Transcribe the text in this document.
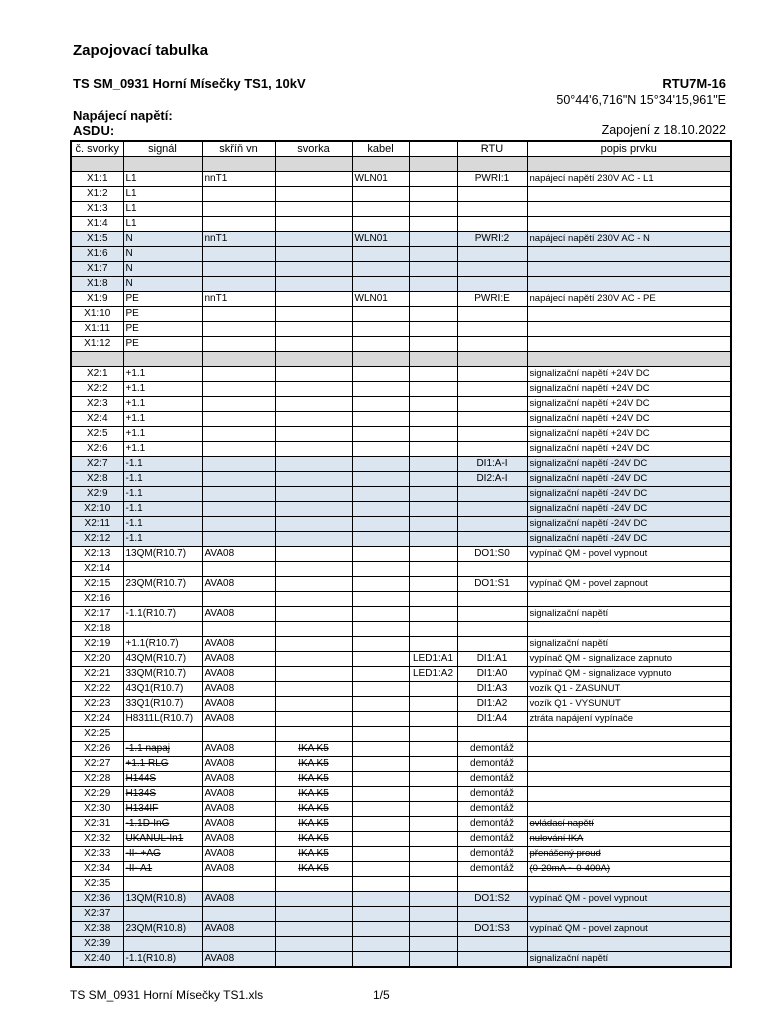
Zapojovací tabulka
TS SM_0931 Horní Mísečky TS1, 10kV	RTU7M-16
50°44'6,716"N 15°34'15,961"E
Napájecí napětí:
ASDU:	Zapojení z 18.10.2022
č. svorky	signál	skříň vn	svorka	kabel		RTU	popis prvku

X1:1	L1	nnT1		WLN01		PWRI:1	napájecí napětí 230V AC - L1
X1:2	L1						
X1:3	L1						
X1:4	L1						
X1:5	N	nnT1		WLN01		PWRI:2	napájecí napětí 230V AC - N
X1:6	N						
X1:7	N						
X1:8	N						
X1:9	PE	nnT1		WLN01		PWRI:E	napájecí napětí 230V AC - PE
X1:10	PE						
X1:11	PE						
X1:12	PE						

X2:1	+1.1						signalizační napětí +24V DC
X2:2	+1.1						signalizační napětí +24V DC
X2:3	+1.1						signalizační napětí +24V DC
X2:4	+1.1						signalizační napětí +24V DC
X2:5	+1.1						signalizační napětí +24V DC
X2:6	+1.1						signalizační napětí +24V DC
X2:7	-1.1					DI1:A-I	signalizační napětí -24V DC
X2:8	-1.1					DI2:A-I	signalizační napětí -24V DC
X2:9	-1.1						signalizační napětí -24V DC
X2:10	-1.1						signalizační napětí -24V DC
X2:11	-1.1						signalizační napětí -24V DC
X2:12	-1.1						signalizační napětí -24V DC
X2:13	13QM(R10.7)	AVA08				DO1:S0	vypínač QM - povel vypnout
X2:14							
X2:15	23QM(R10.7)	AVA08				DO1:S1	vypínač QM - povel zapnout
X2:16							
X2:17	-1.1(R10.7)	AVA08					signalizační napětí
X2:18							
X2:19	+1.1(R10.7)	AVA08					signalizační napětí
X2:20	43QM(R10.7)	AVA08			LED1:A1	DI1:A1	vypínač QM - signalizace zapnuto
X2:21	33QM(R10.7)	AVA08			LED1:A2	DI1:A0	vypínač QM - signalizace vypnuto
X2:22	43Q1(R10.7)	AVA08				DI1:A3	vozík Q1 - ZASUNUT
X2:23	33Q1(R10.7)	AVA08				DI1:A2	vozík Q1 - VYSUNUT
X2:24	H8311L(R10.7)	AVA08				DI1:A4	ztráta napájení vypínače
X2:25							
X2:26	-1.1 napaj	AVA08	IKA K5			demontáž	
X2:27	+1.1 RLG	AVA08	IKA K5			demontáž	
X2:28	H144S	AVA08	IKA K5			demontáž	
X2:29	H134S	AVA08	IKA K5			demontáž	
X2:30	H134IF	AVA08	IKA K5			demontáž	
X2:31	-1.1D-InG	AVA08	IKA K5			demontáž	ovládací napětí
X2:32	UKANUL-In1	AVA08	IKA K5			demontáž	nulování IKA
X2:33	-II- +AG	AVA08	IKA K5			demontáž	přenášený proud
X2:34	-II- A1	AVA08	IKA K5			demontáž	(0-20mA ~ 0-400A)
X2:35							
X2:36	13QM(R10.8)	AVA08				DO1:S2	vypínač QM - povel vypnout
X2:37							
X2:38	23QM(R10.8)	AVA08				DO1:S3	vypínač QM - povel zapnout
X2:39							
X2:40	-1.1(R10.8)	AVA08					signalizační napětí
TS SM_0931 Horní Mísečky TS1.xls	1/5
